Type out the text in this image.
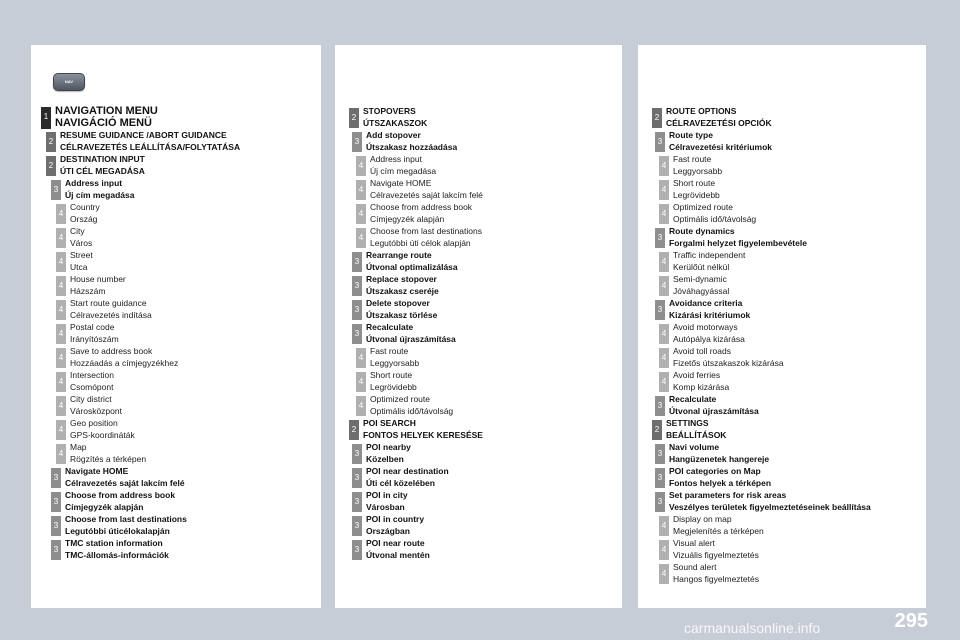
NAV
1 NAVIGATION MENU
NAVIGÁCIÓ MENÜ
2
RESUME GUIDANCE /ABORT GUIDANCE
CÉLRAVEZETÉS LEÁLLÍTÁSA/FOLYTATÁSA
2
DESTINATION INPUT
ÚTI CÉL MEGADÁSA
3
Address input
Új cím megadása
4
Country
Ország
4
City
Város
4
Street
Utca
4
House number
Házszám
4
Start route guidance
Célravezetés indítása
4
Postal code
Irányítószám
4
Save to address book
Hozzáadás a címjegyzékhez
4
Intersection
Csomópont
4
City district
Városközpont
4
Geo position
GPS-koordináták
4
Map
Rögzítés a térképen
3
Navigate HOME
Célravezetés saját lakcím felé
3
Choose from address book
Címjegyzék alapján
3
Choose from last destinations
Legutóbbi úticélokalapján
3
TMC station information
TMC-állomás-információk
2
STOPOVERS
ÚTSZAKASZOK
3
Add stopover
Útszakasz hozzáadása
4
Address input
Új cím megadása
4
Navigate HOME
Célravezetés saját lakcím felé
4
Choose from address book
Címjegyzék alapján
4
Choose from last destinations
Legutóbbi úti célok alapján
3
Rearrange route
Útvonal optimalizálása
3
Replace stopover
Útszakasz cseréje
3
Delete stopover
Útszakasz törlése
3
Recalculate
Útvonal újraszámítása
4
Fast route
Leggyorsabb
4
Short route
Legrövidebb
4
Optimized route
Optimális idő/távolság
2
POI SEARCH
FONTOS HELYEK KERESÉSE
3
POI nearby
Közelben
3
POI near destination
Úti cél közelében
3
POI in city
Városban
3
POI in country
Országban
3
POI near route
Útvonal mentén
2
ROUTE OPTIONS
CÉLRAVEZETÉSI OPCIÓK
3
Route type
Célravezetési kritériumok
4
Fast route
Leggyorsabb
4
Short route
Legrövidebb
4
Optimized route
Optimális idő/távolság
3
Route dynamics
Forgalmi helyzet figyelembevétele
4
Traffic independent
Kerülőút nélkül
4
Semi-dynamic
Jóváhagyással
3
Avoidance criteria
Kizárási kritériumok
4
Avoid motorways
Autópálya kizárása
4
Avoid toll roads
Fizetős útszakaszok kizárása
4
Avoid ferries
Komp kizárása
3
Recalculate
Útvonal újraszámítása
2
SETTINGS
BEÁLLÍTÁSOK
3
Navi volume
Hangüzenetek hangereje
3
POI categories on Map
Fontos helyek a térképen
3
Set parameters for risk areas
Veszélyes területek figyelmeztetéseinek beállítása
4
Display on map
Megjelenítés a térképen
4
Visual alert
Vizuális figyelmeztetés
4
Sound alert
Hangos figyelmeztetés
295
carmanualsonline.info
